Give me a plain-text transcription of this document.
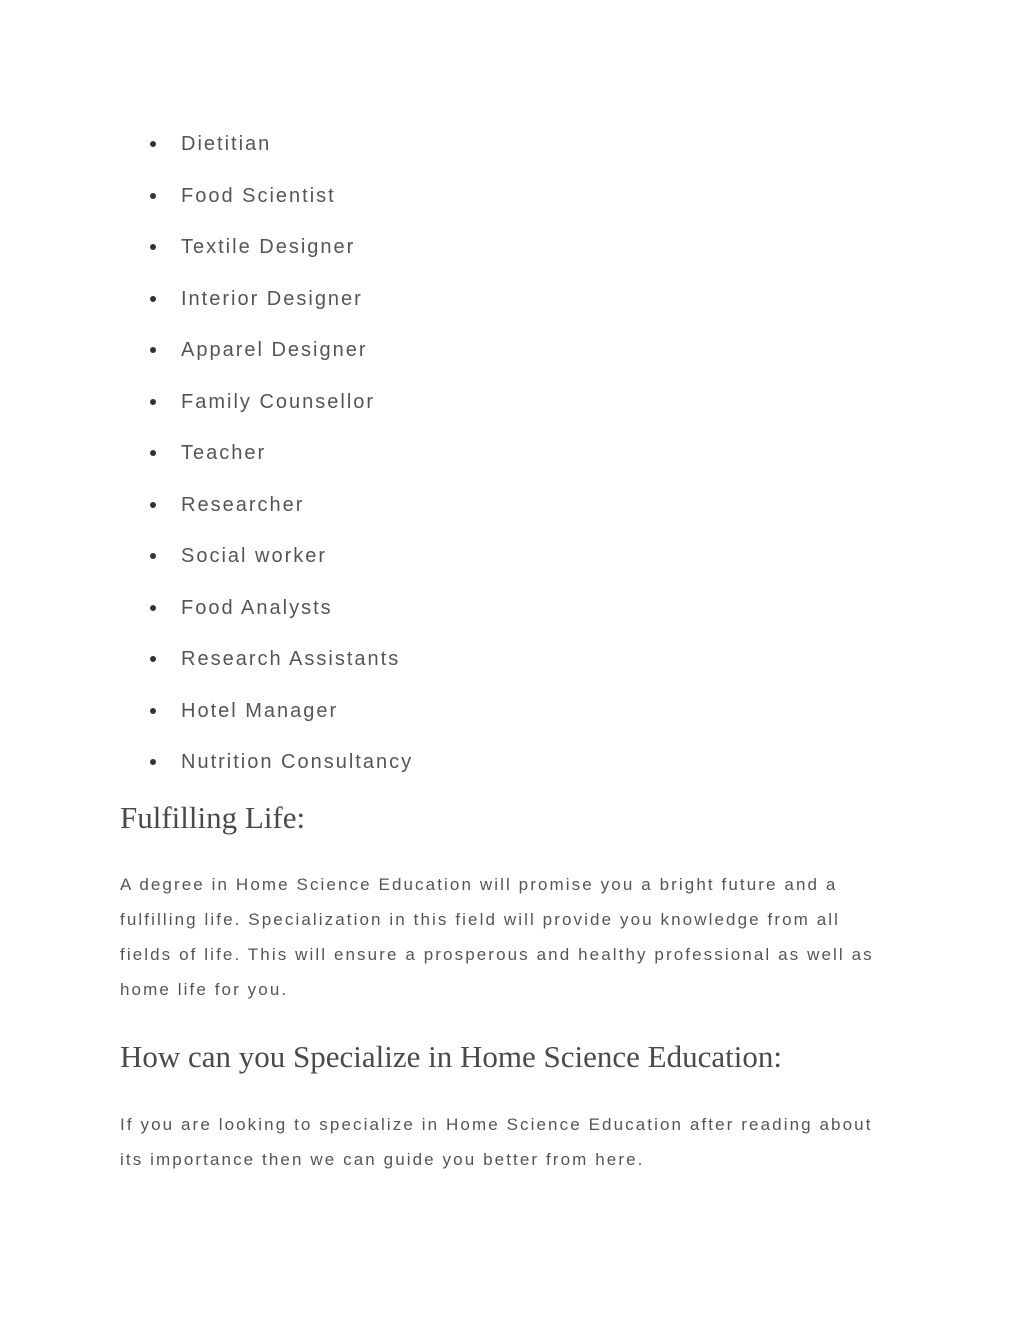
Dietitian
Food Scientist
Textile Designer
Interior Designer
Apparel Designer
Family Counsellor
Teacher
Researcher
Social worker
Food Analysts
Research Assistants
Hotel Manager
Nutrition Consultancy
Fulfilling Life:

A degree in Home Science Education will promise you a bright future and a fulfilling life. Specialization in this field will provide you knowledge from all fields of life. This will ensure a prosperous and healthy professional as well as home life for you.

How can you Specialize in Home Science Education:

If you are looking to specialize in Home Science Education after reading about its importance then we can guide you better from here.
